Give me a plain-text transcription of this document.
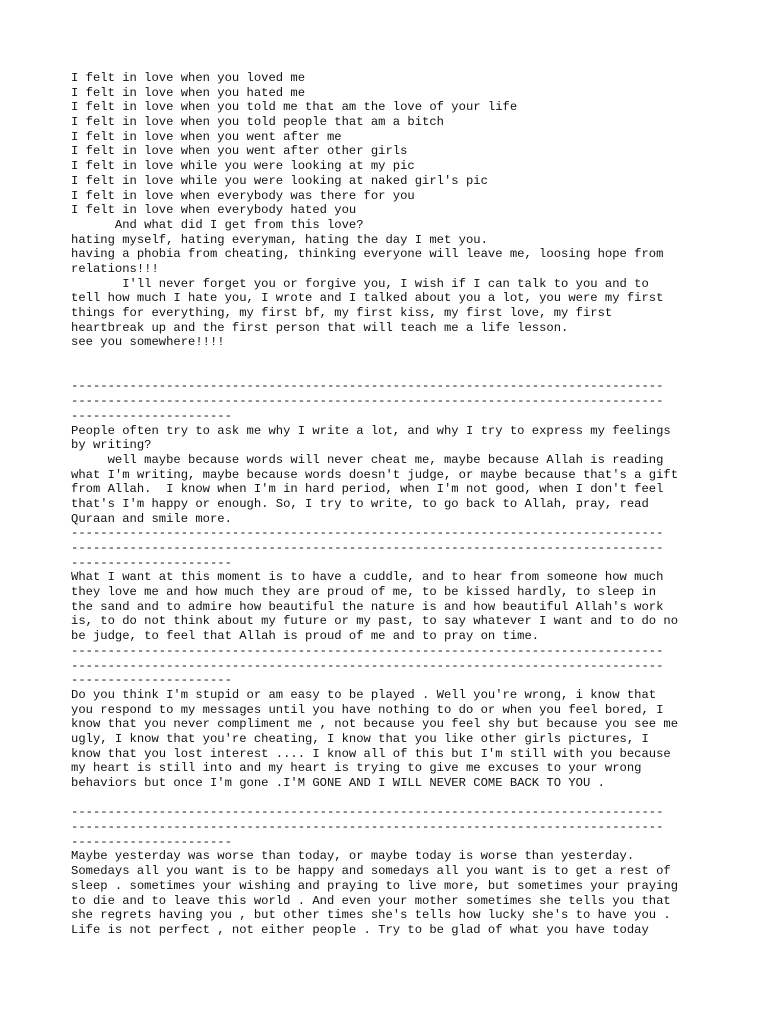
I felt in love when you loved me
I felt in love when you hated me
I felt in love when you told me that am the love of your life
I felt in love when you told people that am a bitch
I felt in love when you went after me
I felt in love when you went after other girls
I felt in love while you were looking at my pic
I felt in love while you were looking at naked girl's pic
I felt in love when everybody was there for you
I felt in love when everybody hated you
And what did I get from this love?
hating myself, hating everyman, hating the day I met you.
having a phobia from cheating, thinking everyone will leave me, loosing hope from
relations!!!
I'll never forget you or forgive you, I wish if I can talk to you and to
tell how much I hate you, I wrote and I talked about you a lot, you were my first
things for everything, my first bf, my first kiss, my first love, my first
heartbreak up and the first person that will teach me a life lesson.
see you somewhere!!!!
---------------------------------------------------------------------------------
---------------------------------------------------------------------------------
----------------------
People often try to ask me why I write a lot, and why I try to express my feelings
by writing?
well maybe because words will never cheat me, maybe because Allah is reading
what I'm writing, maybe because words doesn't judge, or maybe because that's a gift
from Allah.  I know when I'm in hard period, when I'm not good, when I don't feel
that's I'm happy or enough. So, I try to write, to go back to Allah, pray, read
Quraan and smile more.
---------------------------------------------------------------------------------
---------------------------------------------------------------------------------
----------------------
What I want at this moment is to have a cuddle, and to hear from someone how much
they love me and how much they are proud of me, to be kissed hardly, to sleep in
the sand and to admire how beautiful the nature is and how beautiful Allah's work
is, to do not think about my future or my past, to say whatever I want and to do no
be judge, to feel that Allah is proud of me and to pray on time.
---------------------------------------------------------------------------------
---------------------------------------------------------------------------------
----------------------
Do you think I'm stupid or am easy to be played . Well you're wrong, i know that
you respond to my messages until you have nothing to do or when you feel bored, I
know that you never compliment me , not because you feel shy but because you see me
ugly, I know that you're cheating, I know that you like other girls pictures, I
know that you lost interest .... I know all of this but I'm still with you because
my heart is still into and my heart is trying to give me excuses to your wrong
behaviors but once I'm gone .I'M GONE AND I WILL NEVER COME BACK TO YOU .
---------------------------------------------------------------------------------
---------------------------------------------------------------------------------
----------------------
Maybe yesterday was worse than today, or maybe today is worse than yesterday.
Somedays all you want is to be happy and somedays all you want is to get a rest of
sleep . sometimes your wishing and praying to live more, but sometimes your praying
to die and to leave this world . And even your mother sometimes she tells you that
she regrets having you , but other times she's tells how lucky she's to have you .
Life is not perfect , not either people . Try to be glad of what you have today
